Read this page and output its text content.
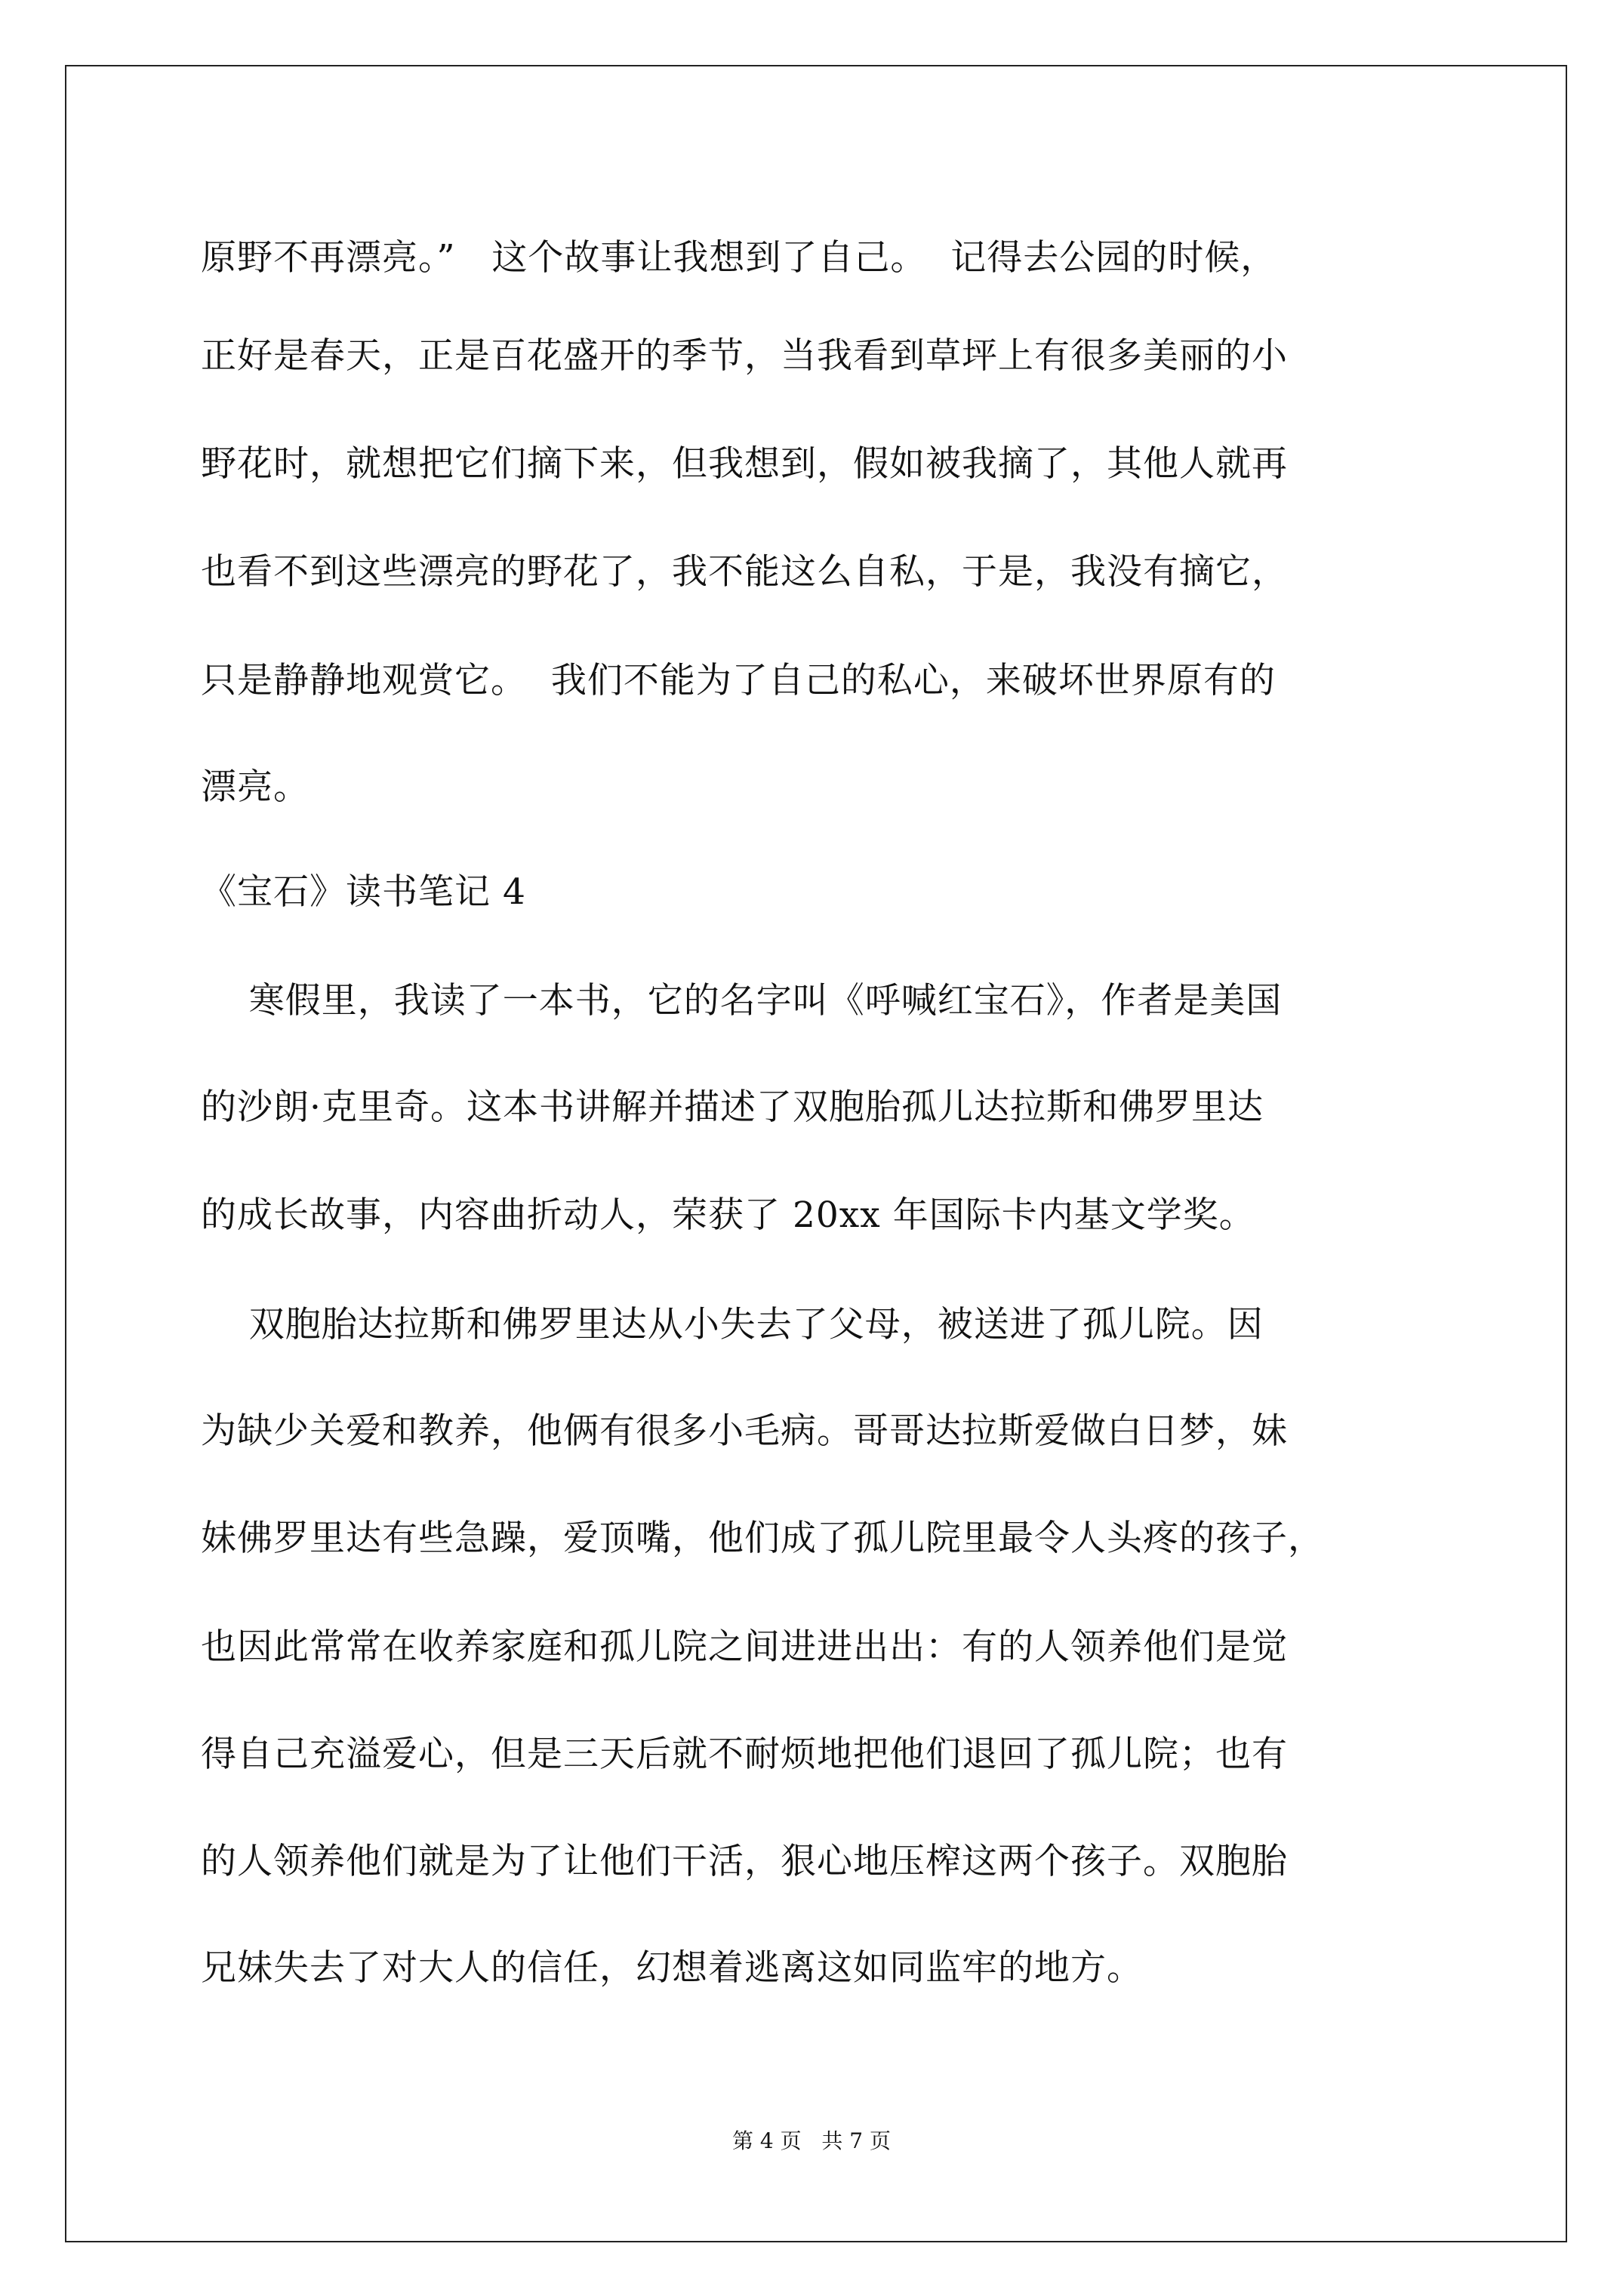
原野不再漂亮。”   这个故事让我想到了自己。  记得去公园的时候，
正好是春天，正是百花盛开的季节，当我看到草坪上有很多美丽的小
野花时，就想把它们摘下来，但我想到，假如被我摘了，其他人就再
也看不到这些漂亮的野花了，我不能这么自私，于是，我没有摘它，
只是静静地观赏它。  我们不能为了自己的私心，来破坏世界原有的
漂亮。
《宝石》读书笔记 4
寒假里，我读了一本书，它的名字叫《呼喊红宝石》，作者是美国
的沙朗·克里奇。这本书讲解并描述了双胞胎孤儿达拉斯和佛罗里达
的成长故事，内容曲折动人，荣获了 20xx 年国际卡内基文学奖。
双胞胎达拉斯和佛罗里达从小失去了父母，被送进了孤儿院。因
为缺少关爱和教养，他俩有很多小毛病。哥哥达拉斯爱做白日梦，妹
妹佛罗里达有些急躁，爱顶嘴，他们成了孤儿院里最令人头疼的孩子，
也因此常常在收养家庭和孤儿院之间进进出出：有的人领养他们是觉
得自己充溢爱心，但是三天后就不耐烦地把他们退回了孤儿院；也有
的人领养他们就是为了让他们干活，狠心地压榨这两个孩子。双胞胎
兄妹失去了对大人的信任，幻想着逃离这如同监牢的地方。
第 4 页   共 7 页
